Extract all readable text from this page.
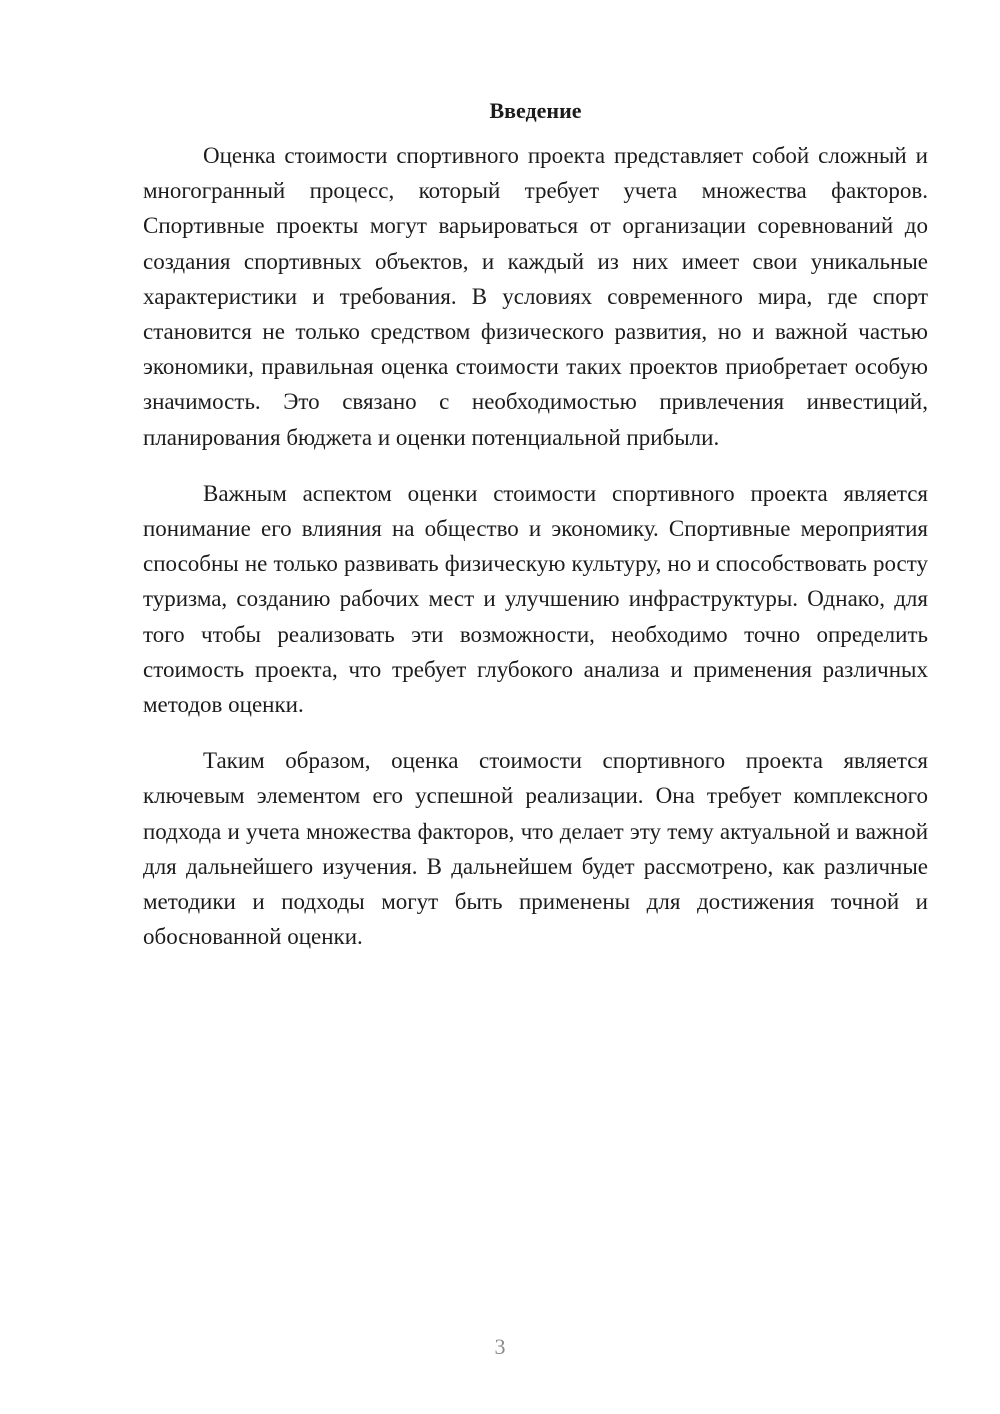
Введение

Оценка стоимости спортивного проекта представляет собой сложный и многогранный процесс, который требует учета множества факторов. Спортивные проекты могут варьироваться от организации соревнований до создания спортивных объектов, и каждый из них имеет свои уникальные характеристики и требования. В условиях современного мира, где спорт становится не только средством физического развития, но и важной частью экономики, правильная оценка стоимости таких проектов приобретает особую значимость. Это связано с необходимостью привлечения инвестиций, планирования бюджета и оценки потенциальной прибыли.

Важным аспектом оценки стоимости спортивного проекта является понимание его влияния на общество и экономику. Спортивные мероприятия способны не только развивать физическую культуру, но и способствовать росту туризма, созданию рабочих мест и улучшению инфраструктуры. Однако, для того чтобы реализовать эти возможности, необходимо точно определить стоимость проекта, что требует глубокого анализа и применения различных методов оценки.

Таким образом, оценка стоимости спортивного проекта является ключевым элементом его успешной реализации. Она требует комплексного подхода и учета множества факторов, что делает эту тему актуальной и важной для дальнейшего изучения. В дальнейшем будет рассмотрено, как различные методики и подходы могут быть применены для достижения точной и обоснованной оценки.

3
